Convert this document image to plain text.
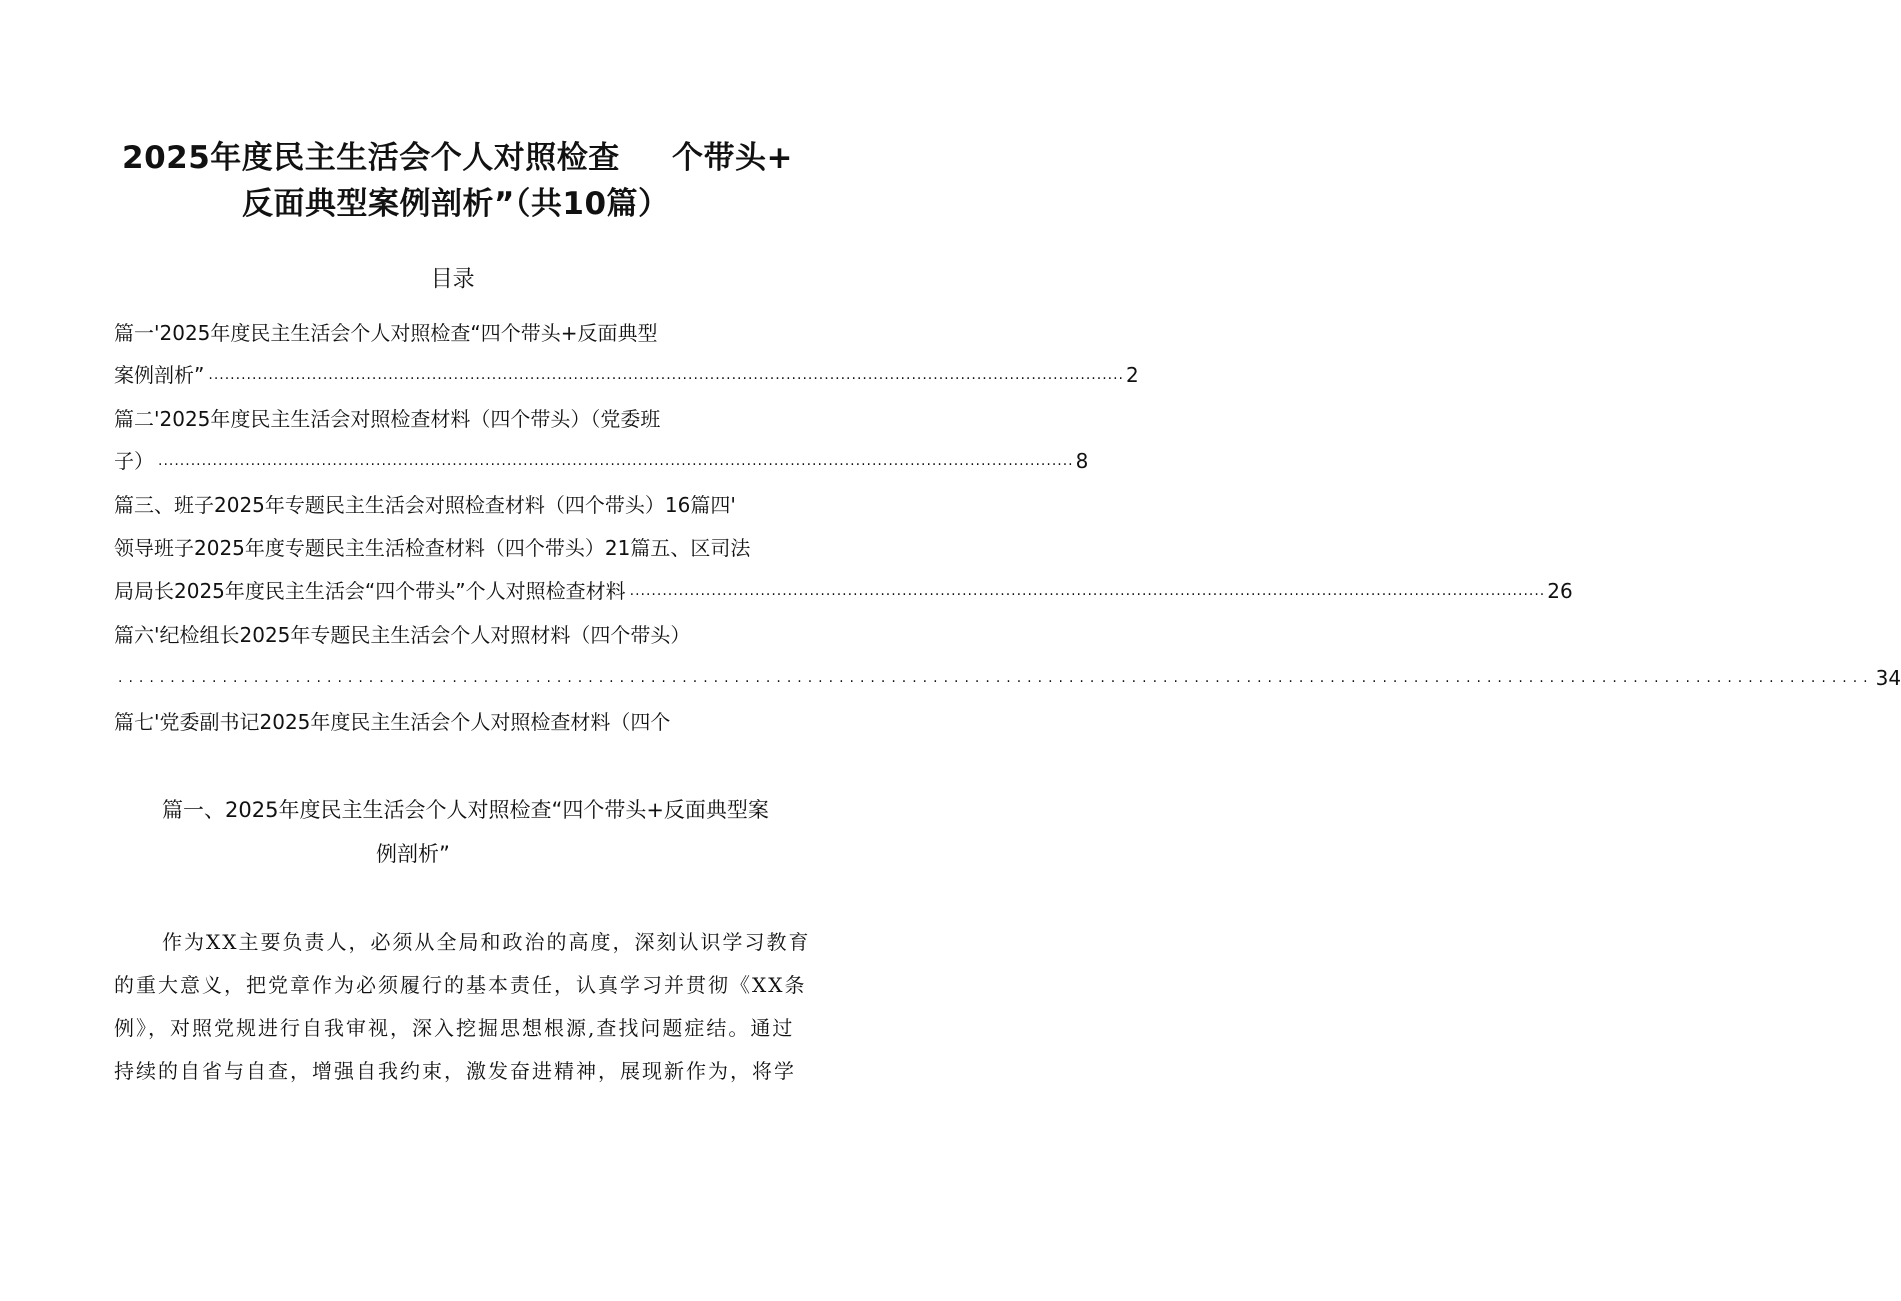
2025年度民主生活会个人对照检查 个带头+
反面典型案例剖析”（共10篇）
目录
篇一'2025年度民主生活会个人对照检查“四个带头+反面典型
案例剖析” ........................................................................................................................................................................ 2
篇二'2025年度民主生活会对照检查材料（四个带头）（党委班
子） ........................................................................................................................................................................ 8
篇三、班子2025年专题民主生活会对照检查材料（四个带头）16篇四'
领导班子2025年度专题民主生活检查材料（四个带头）21篇五、区司法
局局长2025年度民主生活会“四个带头”个人对照检查材料 ........................................................................................................................................................................ 26
篇六'纪检组长2025年专题民主生活会个人对照材料（四个带头）
........................................................................................................................................................................ 34
篇七'党委副书记2025年度民主生活会个人对照检查材料（四个
篇一、2025年度民主生活会个人对照检查“四个带头+反面典型案
例剖析”
作为XX主要负责人，必须从全局和政治的高度，深刻认识学习教育
的重大意义，把党章作为必须履行的基本责任，认真学习并贯彻《XX条
例》，对照党规进行自我审视，深入挖掘思想根源,查找问题症结。通过
持续的自省与自查，增强自我约束，激发奋进精神，展现新作为，将学
